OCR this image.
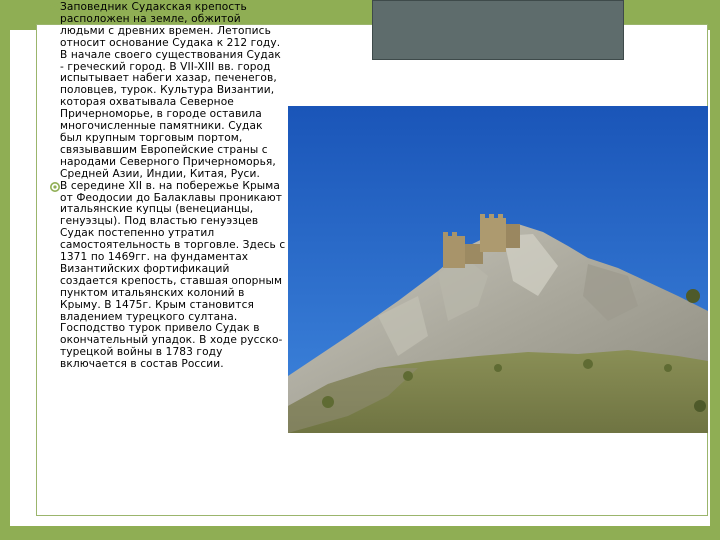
Заповедник Судакская крепость расположен на земле, обжитой людьми с древних времен. Летопись относит основание Судака к 212 году. В начале своего существования Судак - греческий город. В VII-XIII вв. город испытывает набеги хазар, печенегов, половцев, турок. Культура Византии, которая охватывала Северное Причерноморье, в городе оставила многочисленные памятники. Судак был крупным торговым портом, связывавшим Европейские страны с народами Северного Причерноморья, Средней Азии, Индии, Китая, Руси.
В середине XII в. на побережье Крыма от Феодосии до Балаклавы проникают итальянские купцы (венецианцы, генуэзцы). Под властью генуэзцев Судак постепенно утратил самостоятельность в торговле. Здесь с 1371 по 1469гг. на фундаментах Византийских фортификаций создается крепость, ставшая опорным пунктом итальянских колоний в Крыму. В 1475г. Крым становится владением турецкого султана. Господство турок привело Судак в окончательный упадок. В ходе русско-турецкой войны в 1783 году включается в состав России.
